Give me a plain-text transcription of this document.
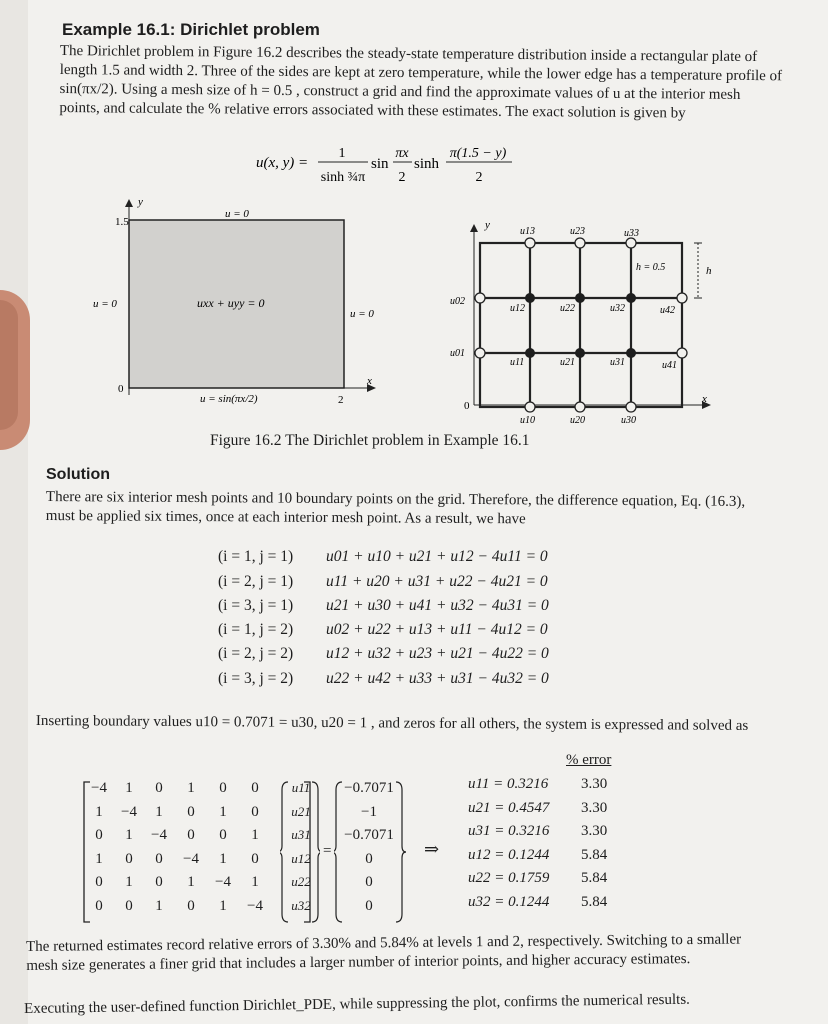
Example 16.1: Dirichlet problem
The Dirichlet problem in Figure 16.2 describes the steady-state temperature distribution inside a rectangular plate of
length 1.5 and width 2. Three of the sides are kept at zero temperature, while the lower edge has a temperature profile of
sin(πx/2). Using a mesh size of h = 0.5 , construct a grid and find the approximate values of u at the interior mesh
points, and calculate the % relative errors associated with these estimates. The exact solution is given by
u(x, y) =
1
sinh ¾π
sin
πx
2
sinh
π(1.5 − y)
2
y
x
1.5
0
2
u = 0
u = 0
u = 0
uxx + uyy = 0
u = sin(πx/2)
y
x
0
h
h = 0.5
u13	u23	u33
u02
u12	u22	u32	u42
u01
u11	u21	u31	u41
u10	u20	u30
Figure 16.2 The Dirichlet problem in Example 16.1
Solution
There are six interior mesh points and 10 boundary points on the grid. Therefore, the difference equation, Eq. (16.3),
must be applied six times, once at each interior mesh point. As a result, we have
(i = 1, j = 1) u01 + u10 + u21 + u12 − 4u11 = 0
(i = 2, j = 1) u11 + u20 + u31 + u22 − 4u21 = 0
(i = 3, j = 1) u21 + u30 + u41 + u32 − 4u31 = 0
(i = 1, j = 2) u02 + u22 + u13 + u11 − 4u12 = 0
(i = 2, j = 2) u12 + u32 + u23 + u21 − 4u22 = 0
(i = 3, j = 2) u22 + u42 + u33 + u31 − 4u32 = 0
Inserting boundary values u10 = 0.7071 = u30, u20 = 1 , and zeros for all others, the system is expressed and solved as
−4	1	0	1	0	0
1	−4	1	0	1	0
0	1	−4	0	0	1
1	0	0	−4	1	0
0	1	0	1	−4	1
0	0	1	0	1	−4
u11
u21
u31
u12
u22
u32
=
−0.7071
−1
−0.7071
0
0
0
⇒
% error
u11 = 0.3216 3.30
u21 = 0.4547 3.30
u31 = 0.3216 3.30
u12 = 0.1244 5.84
u22 = 0.1759 5.84
u32 = 0.1244 5.84
The returned estimates record relative errors of 3.30% and 5.84% at levels 1 and 2, respectively. Switching to a smaller
mesh size generates a finer grid that includes a larger number of interior points, and higher accuracy estimates.
Executing the user-defined function Dirichlet_PDE, while suppressing the plot, confirms the numerical results.
